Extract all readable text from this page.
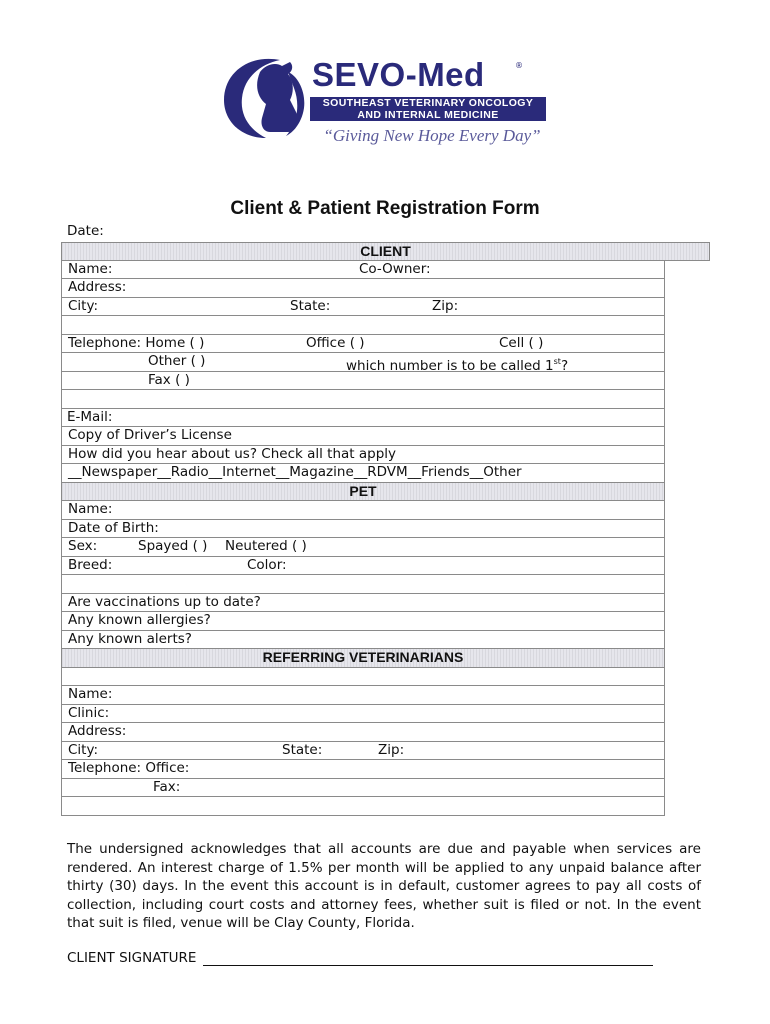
SEVO-Med	®
SOUTHEAST VETERINARY ONCOLOGY
AND INTERNAL MEDICINE
“Giving New Hope Every Day”
Client & Patient Registration Form
Date:
CLIENT
Name:	Co-Owner:
Address:
City:	State:	Zip:
Telephone: Home ( )	Office ( )	Cell ( )
Other ( )	which number is to be called 1st?
Fax ( )
E-Mail:
Copy of Driver’s License
How did you hear about us? Check all that apply
__Newspaper__Radio__Internet__Magazine__RDVM__Friends__Other
PET
Name:
Date of Birth:
Sex:	Spayed ( ) Neutered ( )
Breed:	Color:
Are vaccinations up to date?
Any known allergies?
Any known alerts?
REFERRING VETERINARIANS
Name:
Clinic:
Address:
City:	State:	Zip:
Telephone: Office:
Fax:
The undersigned acknowledges that all accounts are due and payable when services are rendered. An interest charge of 1.5% per month will be applied to any unpaid balance after thirty (30) days. In the event this account is in default, customer agrees to pay all costs of collection, including court costs and attorney fees, whether suit is filed or not. In the event that suit is filed, venue will be Clay County, Florida.
CLIENT SIGNATURE
